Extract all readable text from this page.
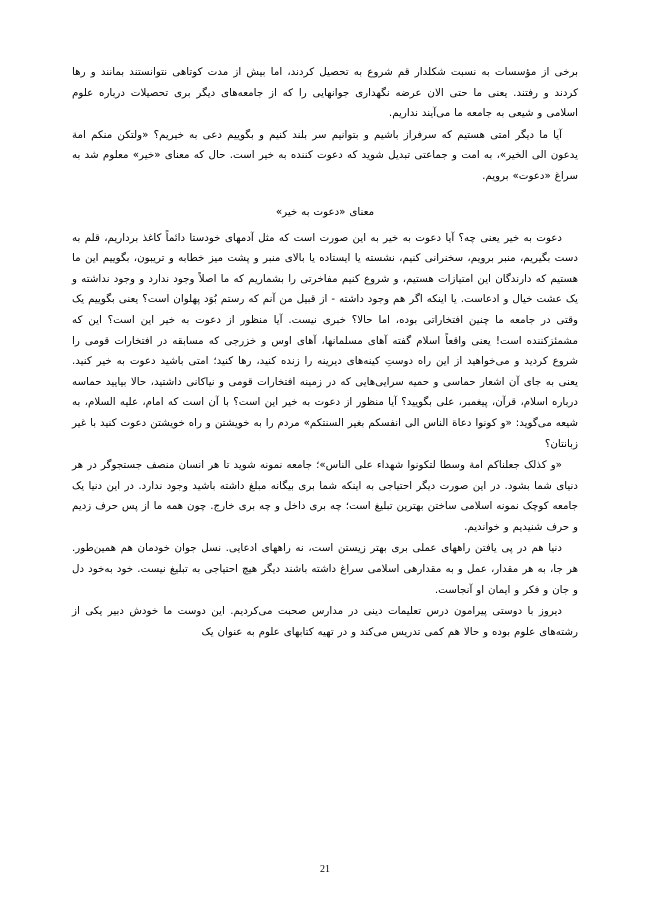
برخی از مؤسسات به نسبت شکلدار قم شروع به تحصیل کردند، اما بیش از مدت کوتاهی نتوانستند بمانند و رها کردند و رفتند. یعنی ما حتی الان عرضه نگهداری جوانهایی را که از جامعه‌های دیگر بری تحصیلات درباره علوم اسلامی و شیعی به جامعه ما می‌آیند نداریم.

آیا ما دیگر امتی هستیم که سرفراز باشیم و بتوانیم سر بلند کنیم و بگوییم دعی به خیریم؟ «ولتکن منکم امة یدعون الی الخیر»، به امت و جماعتی تبدیل شوید که دعوت کننده به خیر است. حال که معنای «خیر» معلوم شد به سراغ «دعوت» برویم.

معنای «دعوت به خیر»

دعوت به خیر یعنی چه؟ آیا دعوت به خیر به این صورت است که مثل آدمهای خودستا دائماً کاغذ برداریم، قلم به دست بگیریم، منبر برویم، سخنرانی کنیم، نشسته یا ایستاده یا بالای منبر و پشت میز خطابه و تریبون، بگوییم این ما هستیم که دارندگان این امتیازات هستیم، و شروع کنیم مفاخرتی را بشماریم که ما اصلاً وجود ندارد و وجود نداشته و یک عشت خیال و ادعاست. یا اینکه اگر هم وجود داشته - از قبیل من آنم که رستم بُوَد پهلوان است؟ یعنی بگوییم یک وقتی در جامعه ما چنین افتخاراتی بوده، اما حالا؟ خبری نیست. آیا منظور از دعوت به خیر این است؟ این که مشمئزکننده است! یعنی واقعاً اسلام گفته آهای مسلمانها، آهای اوس و خزرجی که مسابقه در افتخارات قومی را شروع کردید و می‌خواهید از این راه دوستِ کینه‌های دیرینه را زنده کنید، رها کنید؛ امتی باشید دعوت به خیر کنید. یعنی به جای آن اشعار حماسی و حمیه سرایی‌هایی که در زمینه افتخارات قومی و نیاکانی داشتید، حالا بیایید حماسه درباره اسلام، قرآن، پیغمبر، علی بگویید؟ آیا منظور از دعوت به خیر این است؟ با آن است که امام، علیه السلام، به شیعه می‌گوید: «و کونوا دعاة الناس الی انفسکم بغیر السنتکم» مردم را به خویشتن و راه خویشتن دعوت کنید با غیر زبانتان؟

«و کذلک جعلناکم امة وسطا لتکونوا شهداء علی الناس»؛ جامعه نمونه شوید تا هر انسان منصف جستجوگر در هر دنیای شما بشود. در این صورت دیگر احتیاجی به اینکه شما بری بیگانه مبلغ داشته باشید وجود ندارد. در این دنیا یک جامعه کوچک نمونه اسلامی ساختن بهترین تبلیغ است؛ چه بری داخل و چه بری خارج. چون همه ما از پس حرف زدیم و حرف شنیدیم و خواندیم.

دنیا هم در پی یافتن راههای عملی بری بهتر زیستن است، نه راههای ادعایی. نسل جوان خودمان هم همین‌طور. هر جا، به هر مقدار، عمل و به مقدارهی اسلامی سراغ داشته باشند دیگر هیچ احتیاجی به تبلیغ نیست. خود به‌خود دل و جان و فکر و ایمان او آنجاست.

دیروز با دوستی پیرامون درس تعلیمات دینی در مدارس صحبت می‌کردیم. این دوست ما خودش دبیر یکی از رشته‌های علوم بوده و حالا هم کمی تدریس می‌کند و در تهیه کتابهای علوم به عنوان یک

21
